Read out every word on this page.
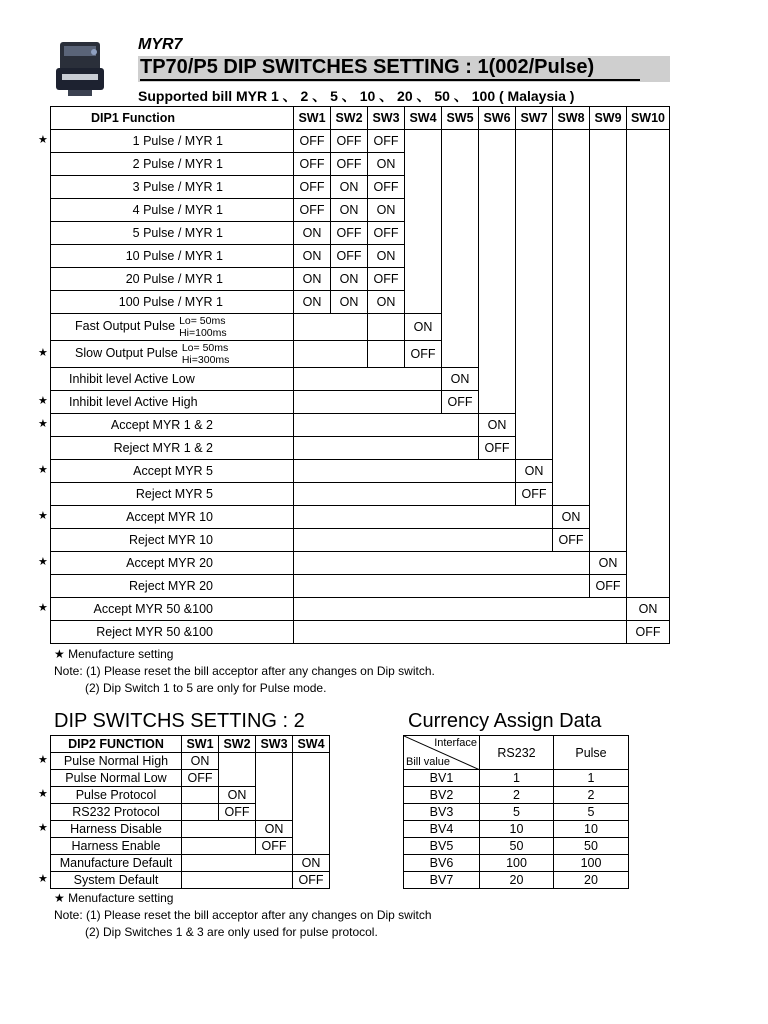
MYR7
TP70/P5 DIP SWITCHES SETTING : 1(002/Pulse)
Supported bill MYR 1 、 2 、 5 、 10 、 20 、 50 、 100 ( Malaysia )
DIP1 Function	SW1	SW2	SW3	SW4	SW5	SW6	SW7	SW8	SW9	SW10
1 Pulse / MYR 1	OFF	OFF	OFF							
2 Pulse / MYR 1	OFF	OFF	ON							
3 Pulse / MYR 1	OFF	ON	OFF							
4 Pulse / MYR 1	OFF	ON	ON							
5 Pulse / MYR 1	ON	OFF	OFF							
10 Pulse / MYR 1	ON	OFF	ON							
20 Pulse / MYR 1	ON	ON	OFF							
100 Pulse / MYR 1	ON	ON	ON							
Fast Output Pulse Lo= 50ms
Hi=100ms				ON						
Slow Output Pulse Lo= 50ms
Hi=300ms				OFF						
Inhibit level Active Low					ON					
Inhibit level Active High					OFF					
Accept MYR 1 & 2						ON				
Reject MYR 1 & 2						OFF				
Accept MYR 5							ON			
Reject MYR 5							OFF			
Accept MYR 10								ON		
Reject MYR 10								OFF		
Accept MYR 20									ON	
Reject MYR 20									OFF	
Accept MYR 50 &100										ON
Reject MYR 50 &100										OFF
★
★
★
★
★
★
★
★
★ Menufacture setting
Note: (1) Please reset the bill acceptor after any changes on Dip switch.
(2) Dip Switch 1 to 5 are only for Pulse mode.
DIP SWITCHS SETTING : 2
DIP2 FUNCTION	SW1	SW2	SW3	SW4
Pulse Normal High	ON			
Pulse Normal Low	OFF			
Pulse Protocol		ON		
RS232 Protocol		OFF		
Harness Disable			ON	
Harness Enable			OFF	
Manufacture Default				ON
System Default				OFF
★
★
★
★
★ Menufacture setting
Note: (1) Please reset the bill acceptor after any changes on Dip switch
(2) Dip Switches 1 & 3 are only used for pulse protocol.
Currency Assign Data
Interface
Bill value	RS232	Pulse
BV1	1	1
BV2	2	2
BV3	5	5
BV4	10	10
BV5	50	50
BV6	100	100
BV7	20	20
